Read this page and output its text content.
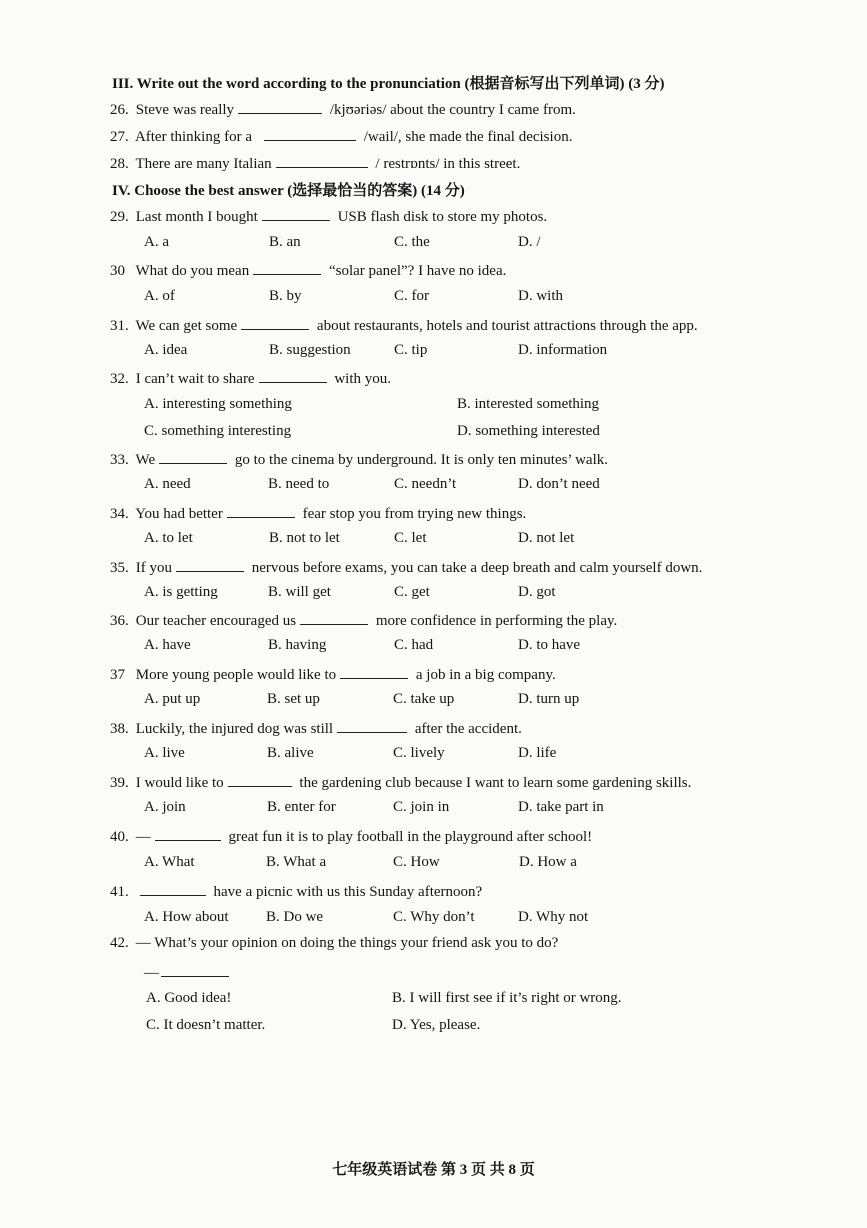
III. Write out the word according to the pronunciation (根据音标写出下列单词) (3 分)
26. Steve was really	/kjʊəriəs/ about the country I came from.
27. After thinking for a	/wail/, she made the final decision.
28. There are many Italian	/ restrɒnts/ in this street.
IV. Choose the best answer (选择最恰当的答案) (14 分)
29. Last month I bought	USB flash disk to store my photos.
A. a	B. an	C. the	D. /
30 What do you mean	“solar panel”? I have no idea.
A. of	B. by	C. for	D. with
31. We can get some	about restaurants, hotels and tourist attractions through the app.
A. idea	B. suggestion	C. tip	D. information
32. I can’t wait to share	with you.
A. interesting something	B. interested something
C. something interesting	D. something interested
33. We	go to the cinema by underground. It is only ten minutes’ walk.
A. need	B. need to	C. needn’t	D. don’t need
34. You had better	fear stop you from trying new things.
A. to let	B. not to let	C. let	D. not let
35. If you	nervous before exams, you can take a deep breath and calm yourself down.
A. is getting	B. will get	C. get	D. got
36. Our teacher encouraged us	more confidence in performing the play.
A. have	B. having	C. had	D. to have
37 More young people would like to	a job in a big company.
A. put up	B. set up	C. take up	D. turn up
38. Luckily, the injured dog was still	after the accident.
A. live	B. alive	C. lively	D. life
39. I would like to	the gardening club because I want to learn some gardening skills.
A. join	B. enter for	C. join in	D. take part in
40. —	great fun it is to play football in the playground after school!
A. What	B. What a	C. How	D. How a
41.	have a picnic with us this Sunday afternoon?
A. How about B. Do we	C. Why don’t	D. Why not
42. — What’s your opinion on doing the things your friend ask you to do?
—
A. Good idea!	B. I will first see if it’s right or wrong.
C. It doesn’t matter.	D. Yes, please.
七年级英语试卷 第 3 页 共 8 页
